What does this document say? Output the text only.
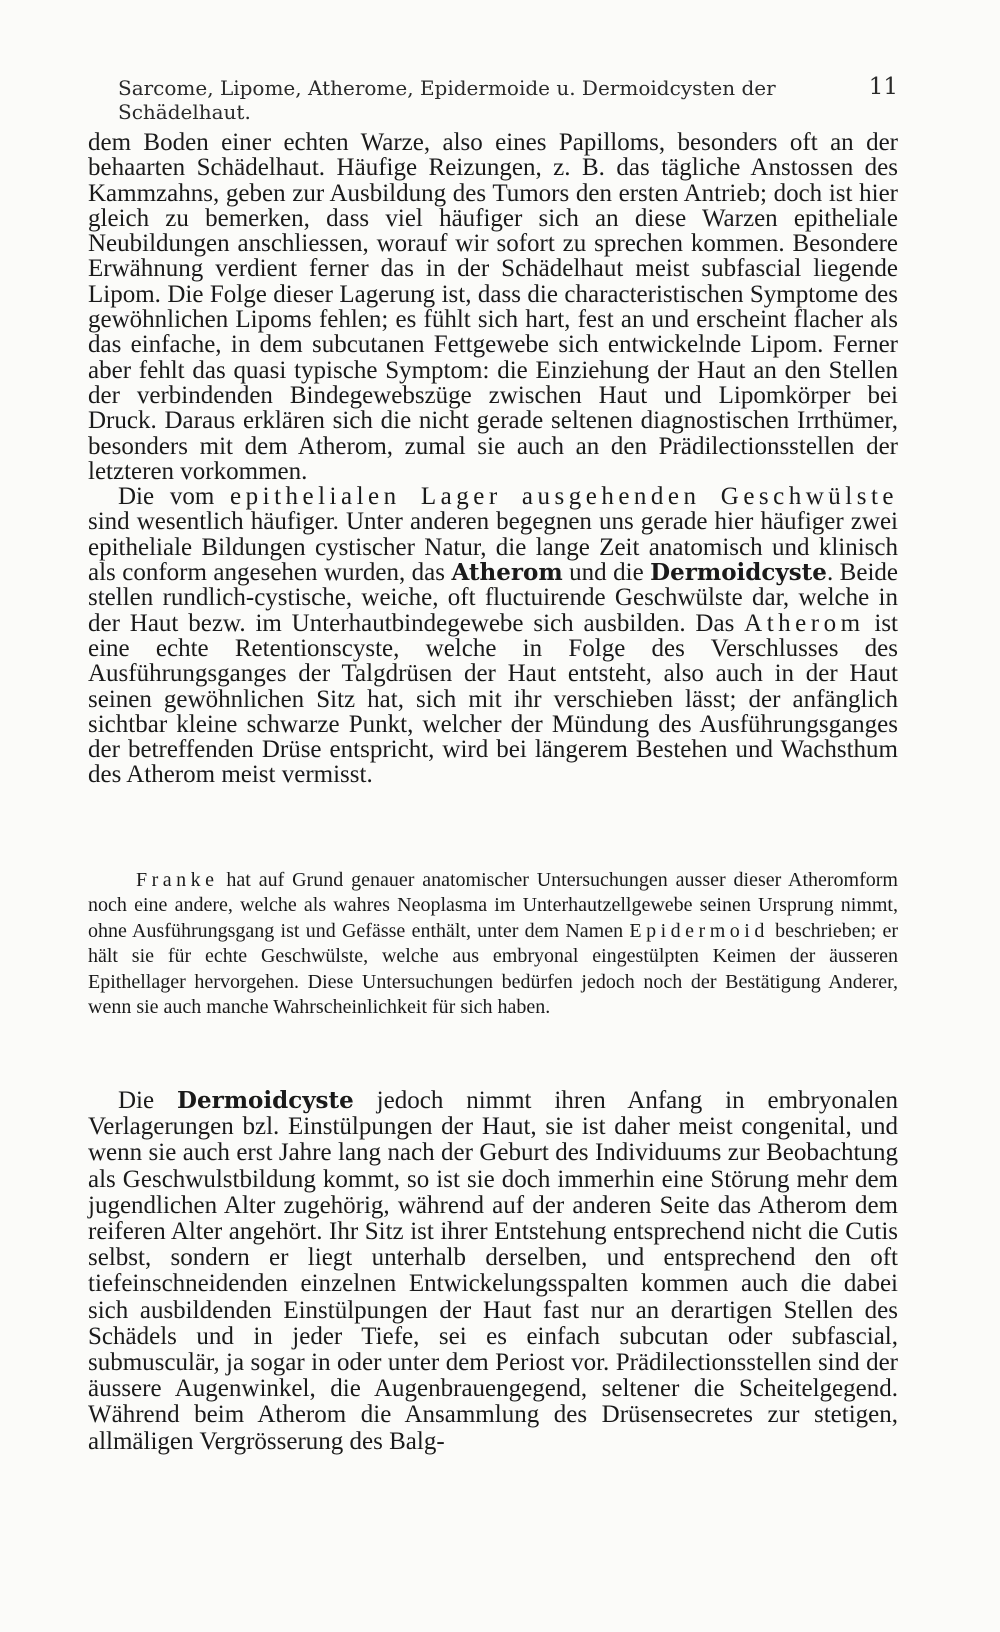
Sarcome, Lipome, Atherome, Epidermoide u. Dermoidcysten der Schädelhaut.
11

dem Boden einer echten Warze, also eines Papilloms, besonders oft an der behaarten Schädelhaut. Häufige Reizungen, z. B. das tägliche Anstossen des Kammzahns, geben zur Ausbildung des Tumors den ersten Antrieb; doch ist hier gleich zu bemerken, dass viel häufiger sich an diese Warzen epitheliale Neubildungen anschliessen, worauf wir sofort zu sprechen kommen. Besondere Erwähnung verdient ferner das in der Schädelhaut meist subfascial liegende Lipom. Die Folge dieser Lagerung ist, dass die characteristischen Symptome des gewöhnlichen Lipoms fehlen; es fühlt sich hart, fest an und erscheint flacher als das einfache, in dem subcutanen Fettgewebe sich entwickelnde Lipom. Ferner aber fehlt das quasi typische Symptom: die Einziehung der Haut an den Stellen der verbindenden Bindegewebszüge zwischen Haut und Lipomkörper bei Druck. Daraus erklären sich die nicht gerade seltenen diagnostischen Irrthümer, besonders mit dem Atherom, zumal sie auch an den Prädilectionsstellen der letzteren vorkommen.

Die vom epithelialen Lager ausgehenden Geschwülste sind wesentlich häufiger. Unter anderen begegnen uns gerade hier häufiger zwei epitheliale Bildungen cystischer Natur, die lange Zeit anatomisch und klinisch als conform angesehen wurden, das Atherom und die Dermoidcyste. Beide stellen rundlich-cystische, weiche, oft fluctuirende Geschwülste dar, welche in der Haut bezw. im Unterhautbindegewebe sich ausbilden. Das Atherom ist eine echte Retentionscyste, welche in Folge des Verschlusses des Ausführungsganges der Talgdrüsen der Haut entsteht, also auch in der Haut seinen gewöhnlichen Sitz hat, sich mit ihr verschieben lässt; der anfänglich sichtbar kleine schwarze Punkt, welcher der Mündung des Ausführungsganges der betreffenden Drüse entspricht, wird bei längerem Bestehen und Wachsthum des Atherom meist vermisst.

Franke hat auf Grund genauer anatomischer Untersuchungen ausser dieser Atheromform noch eine andere, welche als wahres Neoplasma im Unterhautzellgewebe seinen Ursprung nimmt, ohne Ausführungsgang ist und Gefässe enthält, unter dem Namen Epidermoid beschrieben; er hält sie für echte Geschwülste, welche aus embryonal eingestülpten Keimen der äusseren Epithellager hervorgehen. Diese Untersuchungen bedürfen jedoch noch der Bestätigung Anderer, wenn sie auch manche Wahrscheinlichkeit für sich haben.

Die Dermoidcyste jedoch nimmt ihren Anfang in embryonalen Verlagerungen bzl. Einstülpungen der Haut, sie ist daher meist congenital, und wenn sie auch erst Jahre lang nach der Geburt des Individuums zur Beobachtung als Geschwulstbildung kommt, so ist sie doch immerhin eine Störung mehr dem jugendlichen Alter zugehörig, während auf der anderen Seite das Atherom dem reiferen Alter angehört. Ihr Sitz ist ihrer Entstehung entsprechend nicht die Cutis selbst, sondern er liegt unterhalb derselben, und entsprechend den oft tiefeinschneidenden einzelnen Entwickelungsspalten kommen auch die dabei sich ausbildenden Einstülpungen der Haut fast nur an derartigen Stellen des Schädels und in jeder Tiefe, sei es einfach subcutan oder subfascial, submusculär, ja sogar in oder unter dem Periost vor. Prädilectionsstellen sind der äussere Augenwinkel, die Augenbrauengegend, seltener die Scheitelgegend. Während beim Atherom die Ansammlung des Drüsensecretes zur stetigen, allmäligen Vergrösserung des Balg-
